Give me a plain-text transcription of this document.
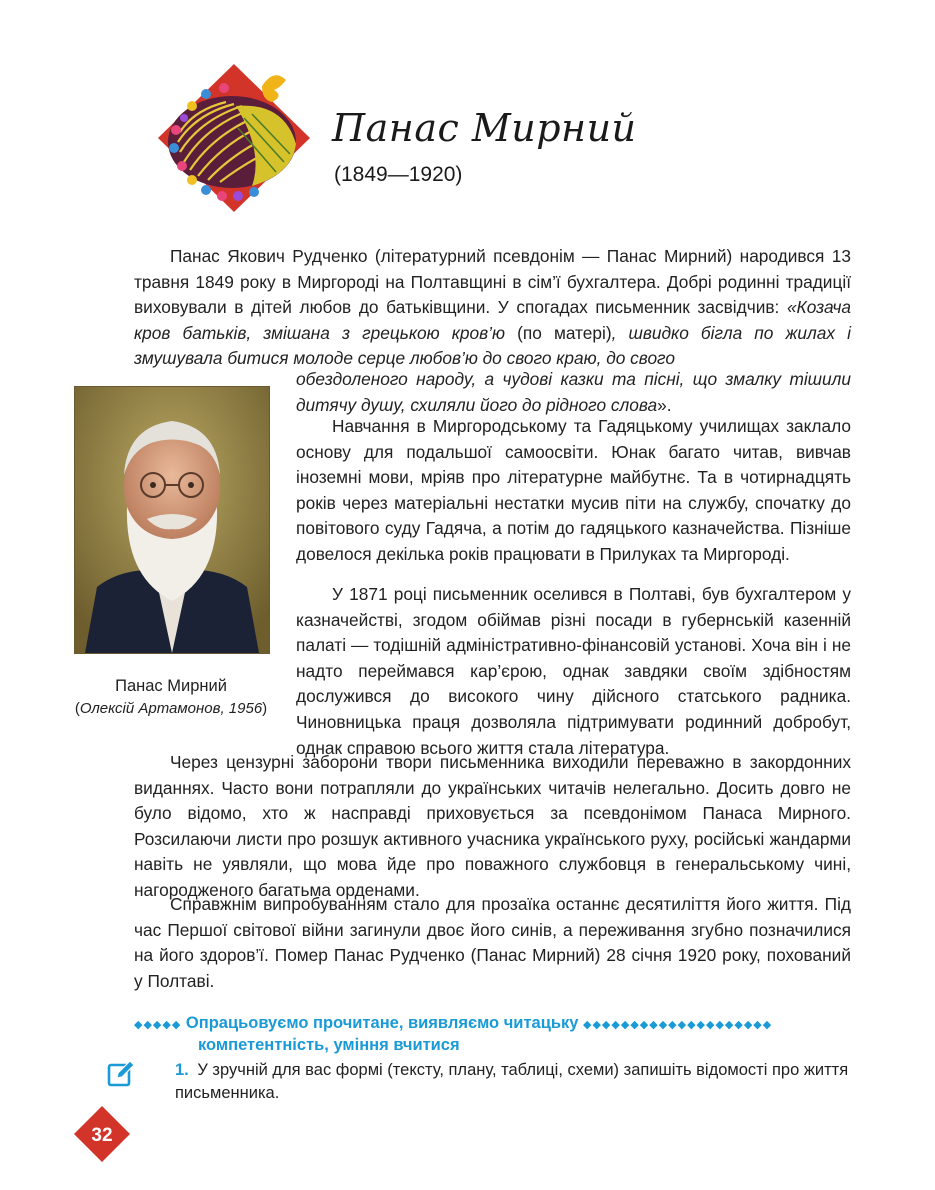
Панас Мирний
(1849—1920)

Панас Якович Рудченко (літературний псевдонім — Панас Мирний) народився 13 травня 1849 року в Миргороді на Полтавщині в сім’ї бухгалтера. Добрі родинні традиції виховували в дітей любов до батьківщини. У спогадах письменник засвідчив: «Козача кров батьків, змішана з грецькою кров’ю (по матері), швидко бігла по жилах і змушувала битися молоде серце любов’ю до свого краю, до свого

обездоленого народу, а чудові казки та пісні, що змалку тішили дитячу душу, схиляли його до рідного слова».

Навчання в Миргородському та Гадяцькому училищах заклало основу для подальшої самоосвіти. Юнак багато читав, вивчав іноземні мови, мріяв про літературне майбутнє. Та в чотирнадцять років через матеріальні нестатки мусив піти на службу, спочатку до повітового суду Гадяча, а потім до гадяцького казначейства. Пізніше довелося декілька років працювати в Прилуках та Миргороді.

У 1871 році письменник оселився в Полтаві, був бухгалтером у казначействі, згодом обіймав різні посади в губернській казенній палаті — тодішній адміністративно-фінансовій установі. Хоча він і не надто переймався кар’єрою, однак завдяки своїм здібностям дослужився до високого чину дійсного статського радника. Чиновницька праця дозволяла підтримувати родинний добробут, однак справою всього життя стала література.

Через цензурні заборони твори письменника виходили переважно в закордонних виданнях. Часто вони потрапляли до українських читачів нелегально. Досить довго не було відомо, хто ж насправді приховується за псевдонімом Панаса Мирного. Розсилаючи листи про розшук активного учасника українського руху, російські жандарми навіть не уявляли, що мова йде про поважного службовця в генеральському чині, нагородженого багатьма орденами.

Справжнім випробуванням стало для прозаїка останнє десятиліття його життя. Під час Першої світової війни загинули двоє його синів, а переживання згубно позначилися на його здоров’ї. Помер Панас Рудченко (Панас Мирний) 28 січня 1920 року, похований у Полтаві.

Панас Мирний
(Олексій Артамонов, 1956)
◆◆◆◆◆ Опрацьовуємо прочитане, виявляємо читацьку ◆◆◆◆◆◆◆◆◆◆◆◆◆◆◆◆◆◆◆◆
компетентність, уміння вчитися
1. У зручній для вас формі (тексту, плану, таблиці, схеми) запишіть відомості про життя письменника.
32
